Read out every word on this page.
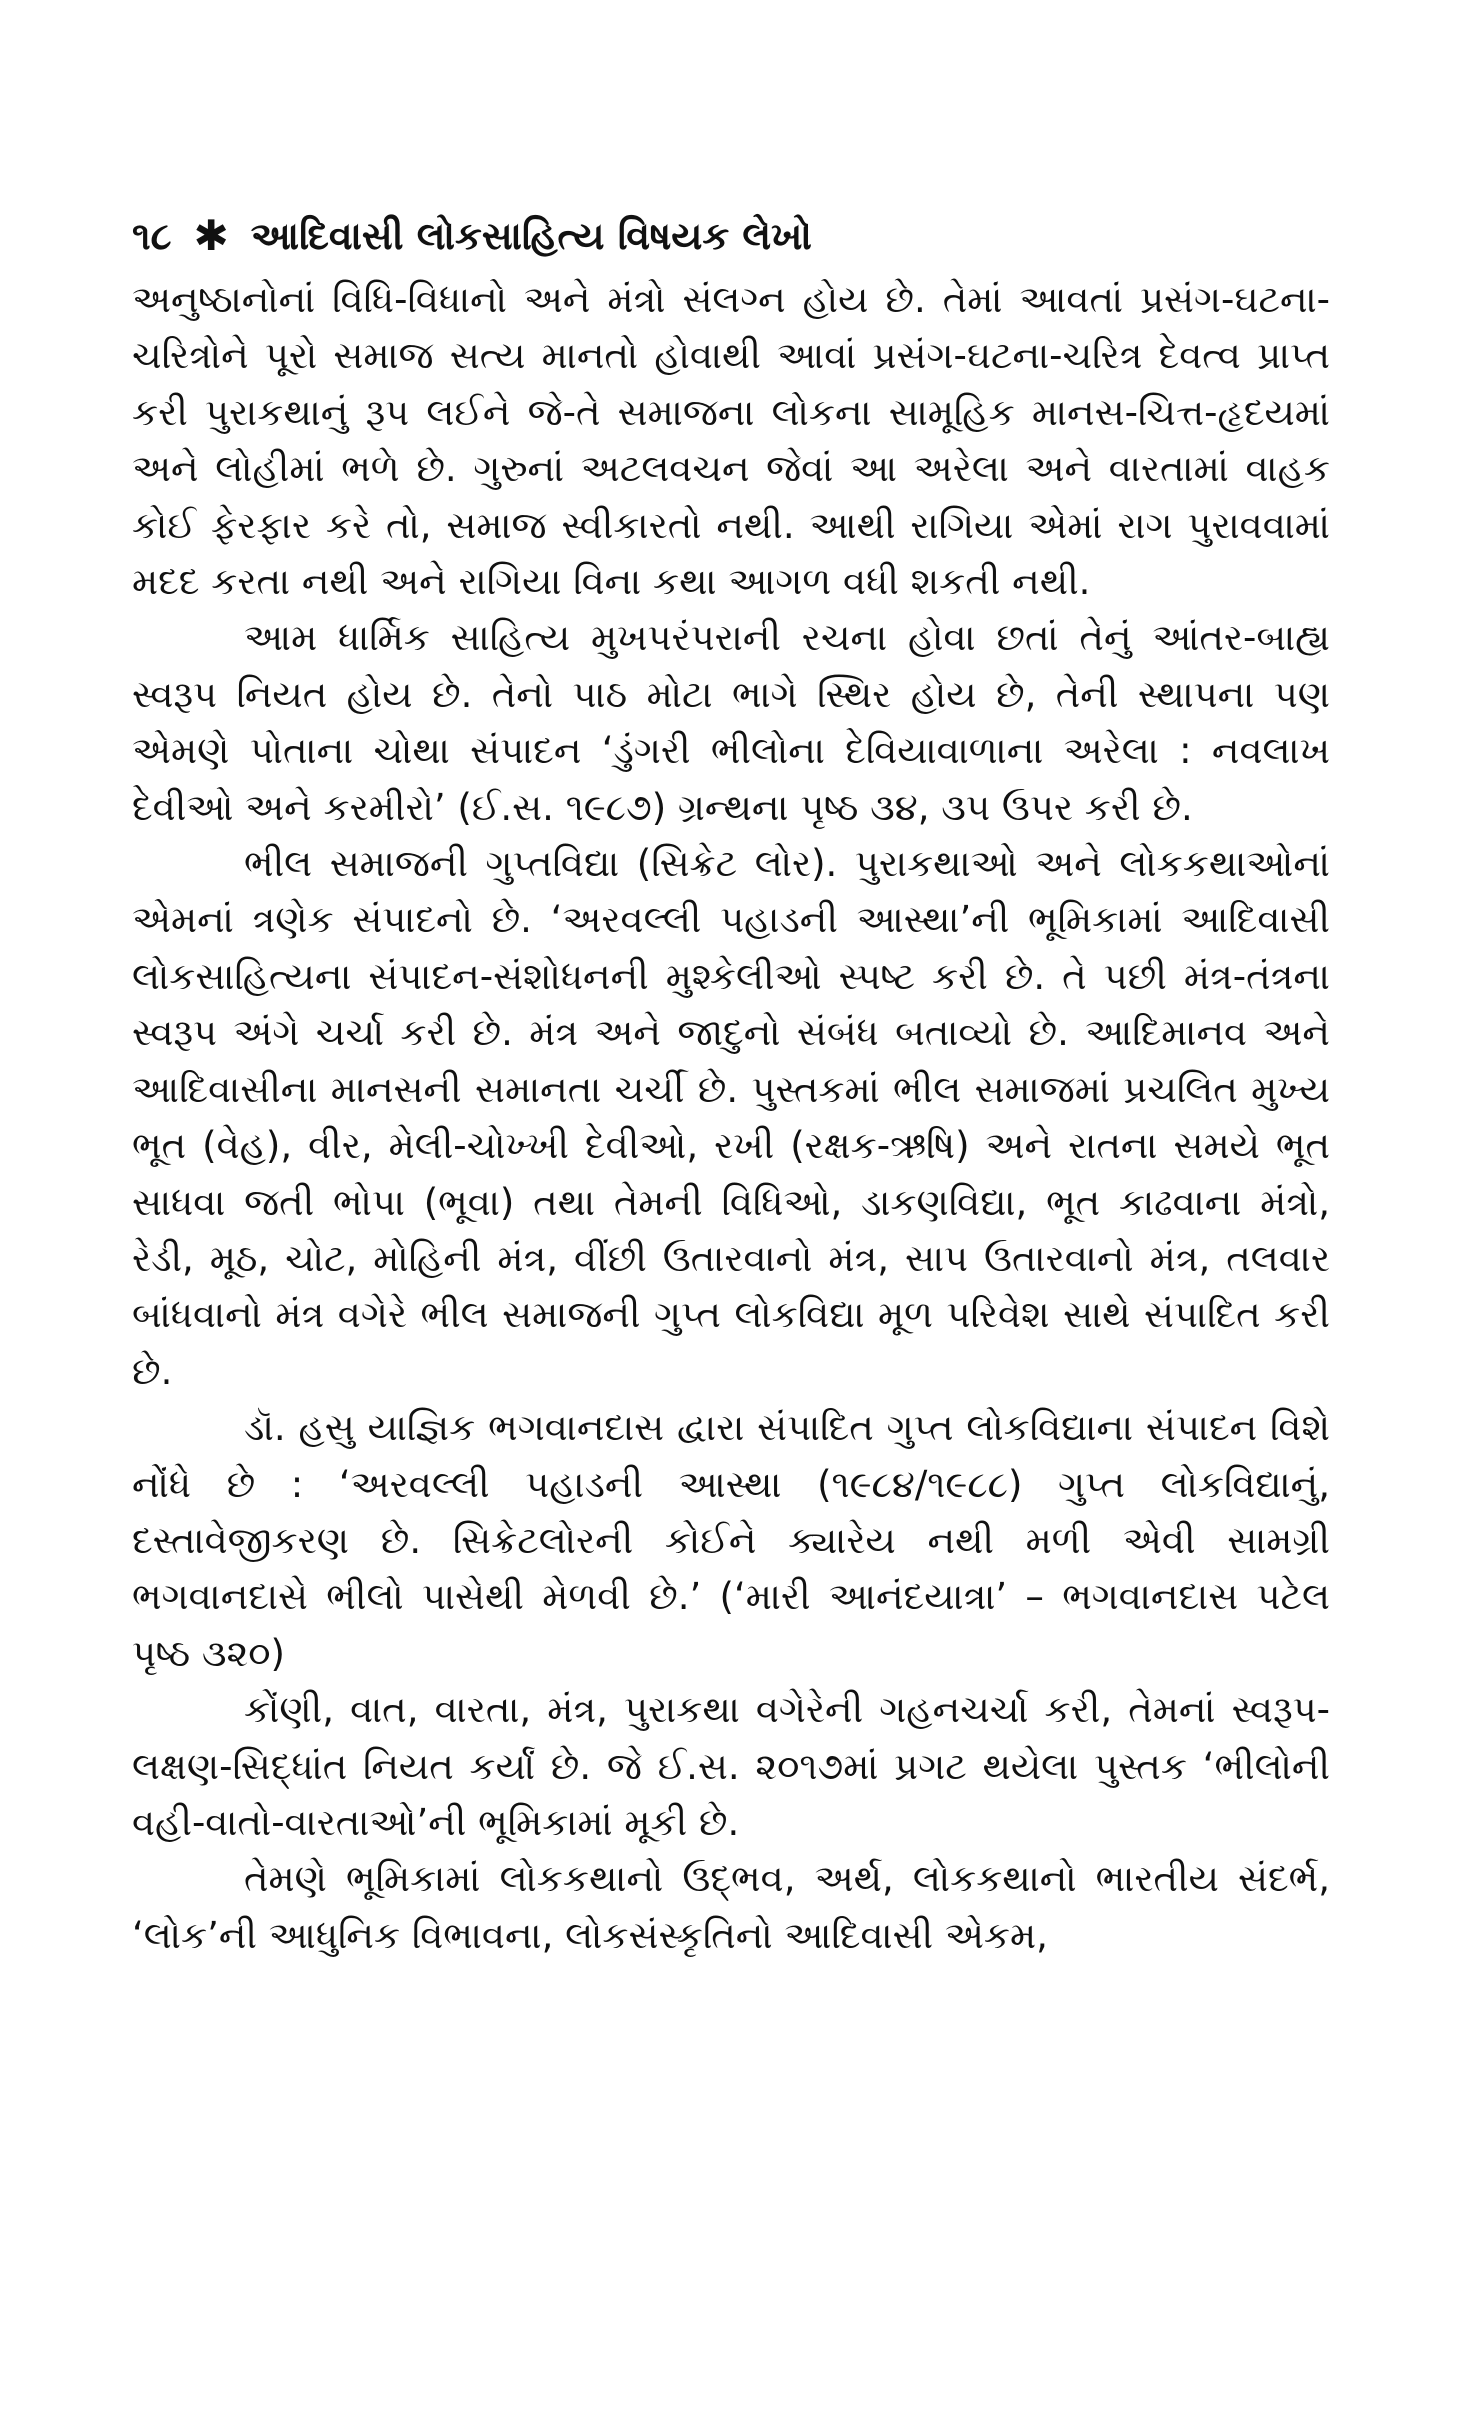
૧૮ ✱ આદિવાસી લોકસાહિત્ય વિષયક લેખો

અનુષ્ઠાનોનાં વિધિ-વિધાનો અને મંત્રો સંલગ્ન હોય છે. તેમાં આવતાં પ્રસંગ-ઘટના-ચરિત્રોને પૂરો સમાજ સત્ય માનતો હોવાથી આવાં પ્રસંગ-ઘટના-ચરિત્ર દેવત્વ પ્રાપ્ત કરી પુરાકથાનું રૂપ લઈને જે-તે સમાજના લોકના સામૂહિક માનસ-ચિત્ત-હૃદયમાં અને લોહીમાં ભળે છે. ગુરુનાં અટલવચન જેવાં આ અરેલા અને વારતામાં વાહક કોઈ ફેરફાર કરે તો, સમાજ સ્વીકારતો નથી. આથી રાગિયા એમાં રાગ પુરાવવામાં મદદ કરતા નથી અને રાગિયા વિના કથા આગળ વધી શકતી નથી.

આમ ધાર્મિક સાહિત્ય મુખપરંપરાની રચના હોવા છતાં તેનું આંતર-બાહ્ય સ્વરૂપ નિયત હોય છે. તેનો પાઠ મોટા ભાગે સ્થિર હોય છે, તેની સ્થાપના પણ એમણે પોતાના ચોથા સંપાદન ‘ડુંગરી ભીલોના દેવિયાવાળાના અરેલા : નવલાખ દેવીઓ અને કરમીરો’ (ઈ.સ. ૧૯૮૭) ગ્રન્થના પૃષ્ઠ ૩૪, ૩૫ ઉપર કરી છે.

ભીલ સમાજની ગુપ્તવિદ્યા (સિક્રેટ લોર). પુરાકથાઓ અને લોકકથાઓનાં એમનાં ત્રણેક સંપાદનો છે. ‘અરવલ્લી પહાડની આસ્થા’ની ભૂમિકામાં આદિવાસી લોકસાહિત્યના સંપાદન-સંશોધનની મુશ્કેલીઓ સ્પષ્ટ કરી છે. તે પછી મંત્ર-તંત્રના સ્વરૂપ અંગે ચર્ચા કરી છે. મંત્ર અને જાદુનો સંબંધ બતાવ્યો છે. આદિમાનવ અને આદિવાસીના માનસની સમાનતા ચર્ચી છે. પુસ્તકમાં ભીલ સમાજમાં પ્રચલિત મુખ્ય ભૂત (વેહ), વીર, મેલી-ચોખ્ખી દેવીઓ, રખી (રક્ષક-ઋષિ) અને રાતના સમયે ભૂત સાધવા જતી ભોપા (ભૂવા) તથા તેમની વિધિઓ, ડાકણવિદ્યા, ભૂત કાઢવાના મંત્રો, રેડી, મૂઠ, ચોટ, મોહિની મંત્ર, વીંછી ઉતારવાનો મંત્ર, સાપ ઉતારવાનો મંત્ર, તલવાર બાંધવાનો મંત્ર વગેરે ભીલ સમાજની ગુપ્ત લોકવિદ્યા મૂળ પરિવેશ સાથે સંપાદિત કરી છે.

ડૉ. હસુ યાજ્ઞિક ભગવાનદાસ દ્વારા સંપાદિત ગુપ્ત લોકવિદ્યાના સંપાદન વિશે નોંધે છે : ‘અરવલ્લી પહાડની આસ્થા (૧૯૮૪/૧૯૮૮) ગુપ્ત લોકવિદ્યાનું, દસ્તાવેજીકરણ છે. સિક્રેટલોરની કોઈને ક્યારેય નથી મળી એવી સામગ્રી ભગવાનદાસે ભીલો પાસેથી મેળવી છે.’ (‘મારી આનંદયાત્રા’ – ભગવાનદાસ પટેલ પૃષ્ઠ ૩૨૦)

કોંણી, વાત, વારતા, મંત્ર, પુરાકથા વગેરેની ગહનચર્ચા કરી, તેમનાં સ્વરૂપ-લક્ષણ-સિદ્ધાંત નિયત કર્યાં છે. જે ઈ.સ. ૨૦૧૭માં પ્રગટ થયેલા પુસ્તક ‘ભીલોની વહી-વાતો-વારતાઓ’ની ભૂમિકામાં મૂકી છે.

તેમણે ભૂમિકામાં લોકકથાનો ઉદ્ભવ, અર્થ, લોકકથાનો ભારતીય સંદર્ભ, ‘લોક’ની આધુનિક વિભાવના, લોકસંસ્કૃતિનો આદિવાસી એકમ,
